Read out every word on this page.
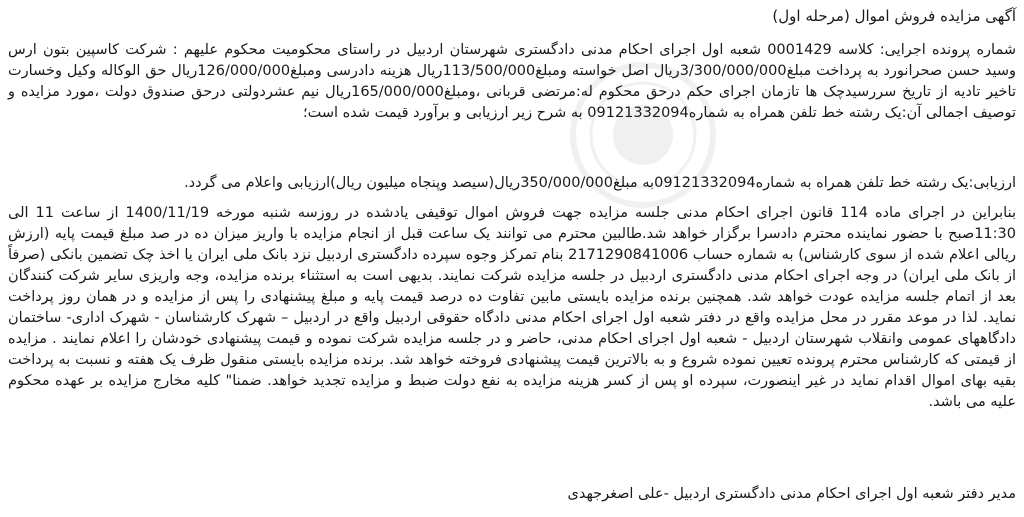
آگهی مزایده فروش اموال (مرحله اول)
شماره پرونده اجرایی: کلاسه 0001429 شعبه اول اجرای احکام مدنی دادگستری شهرستان اردبیل در راستای محکومیت محکوم علیهم : شرکت کاسپین بتون ارس وسید حسن صحرانورد به پرداخت مبلغ3/300/000/000ریال اصل خواسته ومبلغ113/500/000ریال هزینه دادرسی ومبلغ126/000/000ریال حق الوکاله وکیل وخسارت تاخیر تادیه از تاریخ سررسیدچک ها تازمان اجرای حکم درحق محکوم له:مرتضی قربانی ،ومبلغ165/000/000ریال نیم عشردولتی درحق صندوق دولت ،مورد مزایده و توصیف اجمالی آن:یک رشته خط تلفن همراه به شماره09121332094 به شرح زیر ارزیابی و برآورد قیمت شده است؛
ارزیابی:یک رشته خط تلفن همراه به شماره09121332094به مبلغ350/000/000ریال(سیصد وپنجاه میلیون ریال)ارزیابی واعلام می گردد.
بنابراین در اجرای ماده 114 قانون اجرای احکام مدنی جلسه مزایده جهت فروش اموال توقیفی یادشده در روزسه شنبه مورخه 1400/11/19 از ساعت 11 الی 11:30صبح با حضور نماینده محترم دادسرا برگزار خواهد شد.طالبین محترم می توانند یک ساعت قبل از انجام مزایده با واریز میزان ده در صد مبلغ قیمت پایه (ارزش ریالی اعلام شده از سوی کارشناس) به شماره حساب 2171290841006 بنام تمرکز وجوه سپرده دادگستری اردبیل نزد بانک ملی ایران یا اخذ چک تضمین بانکی (صرفاً از بانک ملی ایران) در وجه اجرای احکام مدنی دادگستری اردبیل در جلسه مزایده شرکت نمایند. بدیهی است به استثناء برنده مزایده، وجه واریزی سایر شرکت کنندگان بعد از اتمام جلسه مزایده عودت خواهد شد. همچنین برنده مزایده بایستی مابین تفاوت ده درصد قیمت پایه و مبلغ پیشنهادی را پس از مزایده و در همان روز پرداخت نماید. لذا در موعد مقرر در محل مزایده واقع در دفتر شعبه اول اجرای احکام مدنی دادگاه حقوقی اردبیل واقع در اردبیل – شهرک کارشناسان - شهرک اداری- ساختمان دادگاههای عمومی وانقلاب شهرستان اردبیل - شعبه اول اجرای احکام مدنی، حاضر و در جلسه مزایده شرکت نموده و قیمت پیشنهادی خودشان را اعلام نمایند . مزایده از قیمتی که کارشناس محترم پرونده تعیین نموده شروع و به بالاترین قیمت پیشنهادی فروخته خواهد شد. برنده مزایده بایستی منقول ظرف یک هفته و نسبت به پرداخت بقیه بهای اموال اقدام نماید در غیر اینصورت، سپرده او پس از کسر هزینه مزایده به نفع دولت ضبط و مزایده تجدید خواهد. ضمنا" کلیه مخارج مزایده بر عهده محکوم علیه می باشد.
مدیر دفتر شعبه اول اجرای احکام مدنی دادگستری اردبیل -علی اصغرجهدی
